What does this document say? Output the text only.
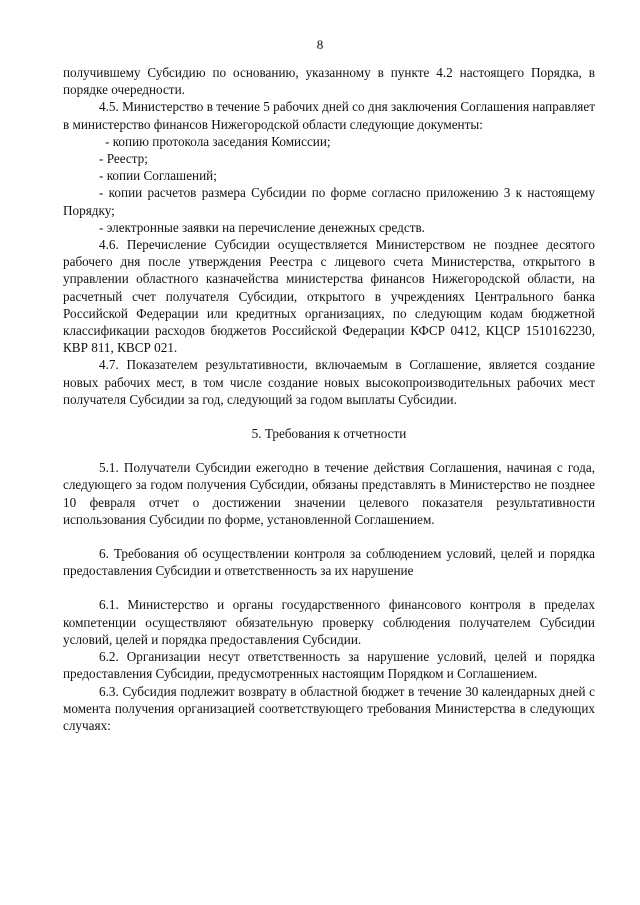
8

получившему Субсидию по основанию, указанному в пункте 4.2 настоящего Порядка, в порядке очередности.

4.5. Министерство в течение 5 рабочих дней со дня заключения Соглашения направляет в министерство финансов Нижегородской области следующие документы:

- копию протокола заседания Комиссии;

- Реестр;

- копии Соглашений;

- копии расчетов размера Субсидии по форме согласно приложению 3 к настоящему Порядку;

- электронные заявки на перечисление денежных средств.

4.6. Перечисление Субсидии осуществляется Министерством не позднее десятого рабочего дня после утверждения Реестра с лицевого счета Министерства, открытого в управлении областного казначейства министерства финансов Нижегородской области, на расчетный счет получателя Субсидии, открытого в учреждениях Центрального банка Российской Федерации или кредитных организациях, по следующим кодам бюджетной классификации расходов бюджетов Российской Федерации КФСР 0412, КЦСР 1510162230, КВР 811, КВСР 021.

4.7. Показателем результативности, включаемым в Соглашение, является создание новых рабочих мест, в том числе создание новых высокопроизводительных рабочих мест получателя Субсидии за год, следующий за годом выплаты Субсидии.

5. Требования к отчетности

5.1. Получатели Субсидии ежегодно в течение действия Соглашения, начиная с года, следующего за годом получения Субсидии, обязаны представлять в Министерство не позднее 10 февраля отчет о достижении значении целевого показателя результативности использования Субсидии по форме, установленной Соглашением.

6. Требования об осуществлении контроля за соблюдением условий, целей и порядка предоставления Субсидии и ответственность за их нарушение

6.1. Министерство и органы государственного финансового контроля в пределах компетенции осуществляют обязательную проверку соблюдения получателем Субсидии условий, целей и порядка предоставления Субсидии.

6.2. Организации несут ответственность за нарушение условий, целей и порядка предоставления Субсидии, предусмотренных настоящим Порядком и Соглашением.

6.3. Субсидия подлежит возврату в областной бюджет в течение 30 календарных дней с момента получения организацией соответствующего требования Министерства в следующих случаях:
